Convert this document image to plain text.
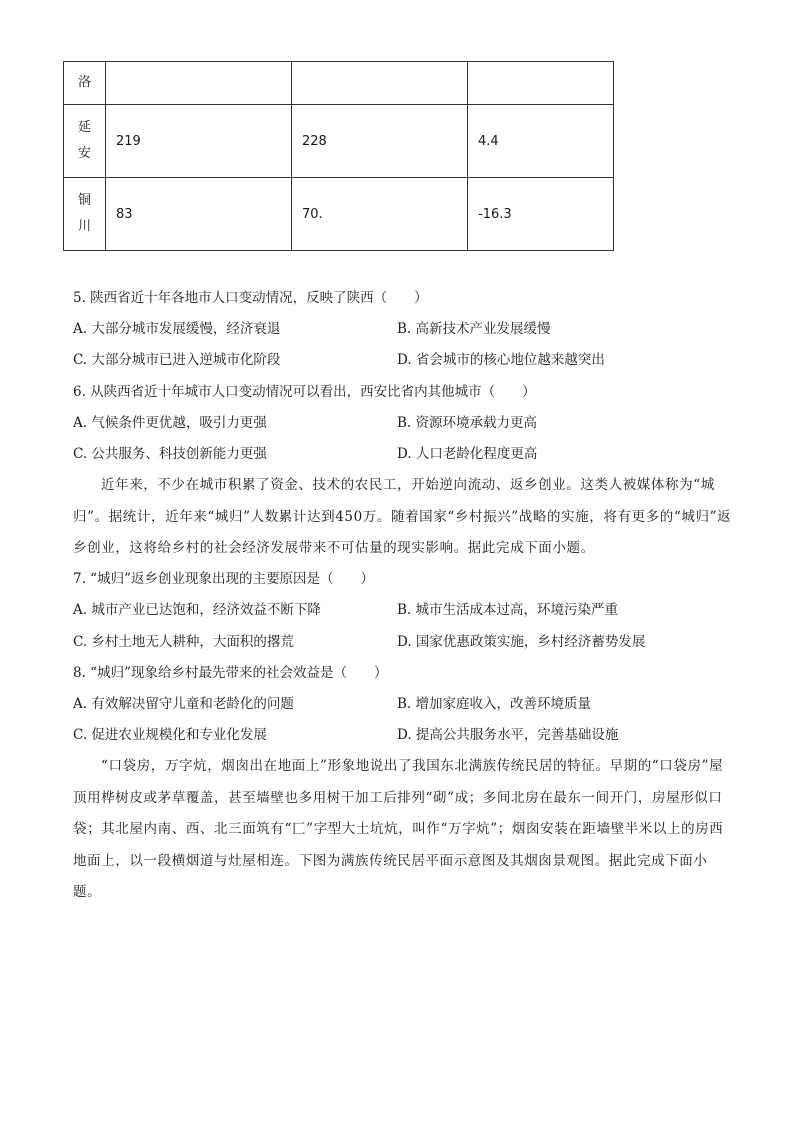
洛			

延安	219	228	4.4

铜川	83	70.	-16.3
5. 陕西省近十年各地市人口变动情况，反映了陕西（　　）
A. 大部分城市发展缓慢，经济衰退	B. 高新技术产业发展缓慢
C. 大部分城市已进入逆城市化阶段	D. 省会城市的核心地位越来越突出
6. 从陕西省近十年城市人口变动情况可以看出，西安比省内其他城市（　　）
A. 气候条件更优越，吸引力更强	B. 资源环境承载力更高
C. 公共服务、科技创新能力更强	D. 人口老龄化程度更高
近年来，不少在城市积累了资金、技术的农民工，开始逆向流动、返乡创业。这类人被媒体称为“城归”。据统计，近年来“城归”人数累计达到450万。随着国家“乡村振兴”战略的实施，将有更多的“城归”返乡创业，这将给乡村的社会经济发展带来不可估量的现实影响。据此完成下面小题。
7. “城归”返乡创业现象出现的主要原因是（　　）
A. 城市产业已达饱和，经济效益不断下降	B. 城市生活成本过高，环境污染严重
C. 乡村土地无人耕种，大面积的撂荒	D. 国家优惠政策实施，乡村经济蓄势发展
8. “城归”现象给乡村最先带来的社会效益是（　　）
A. 有效解决留守儿童和老龄化的问题	B. 增加家庭收入，改善环境质量
C. 促进农业规模化和专业化发展	D. 提高公共服务水平，完善基础设施
“口袋房，万字炕，烟囱出在地面上”形象地说出了我国东北满族传统民居的特征。早期的“口袋房”屋顶用桦树皮或茅草覆盖，甚至墙壁也多用树干加工后排列“砌”成；多间北房在最东一间开门，房屋形似口袋；其北屋内南、西、北三面筑有“匚”字型大土坑炕，叫作“万字炕”；烟囱安装在距墙壁半米以上的房西地面上，以一段横烟道与灶屋相连。下图为满族传统民居平面示意图及其烟囱景观图。据此完成下面小题。
